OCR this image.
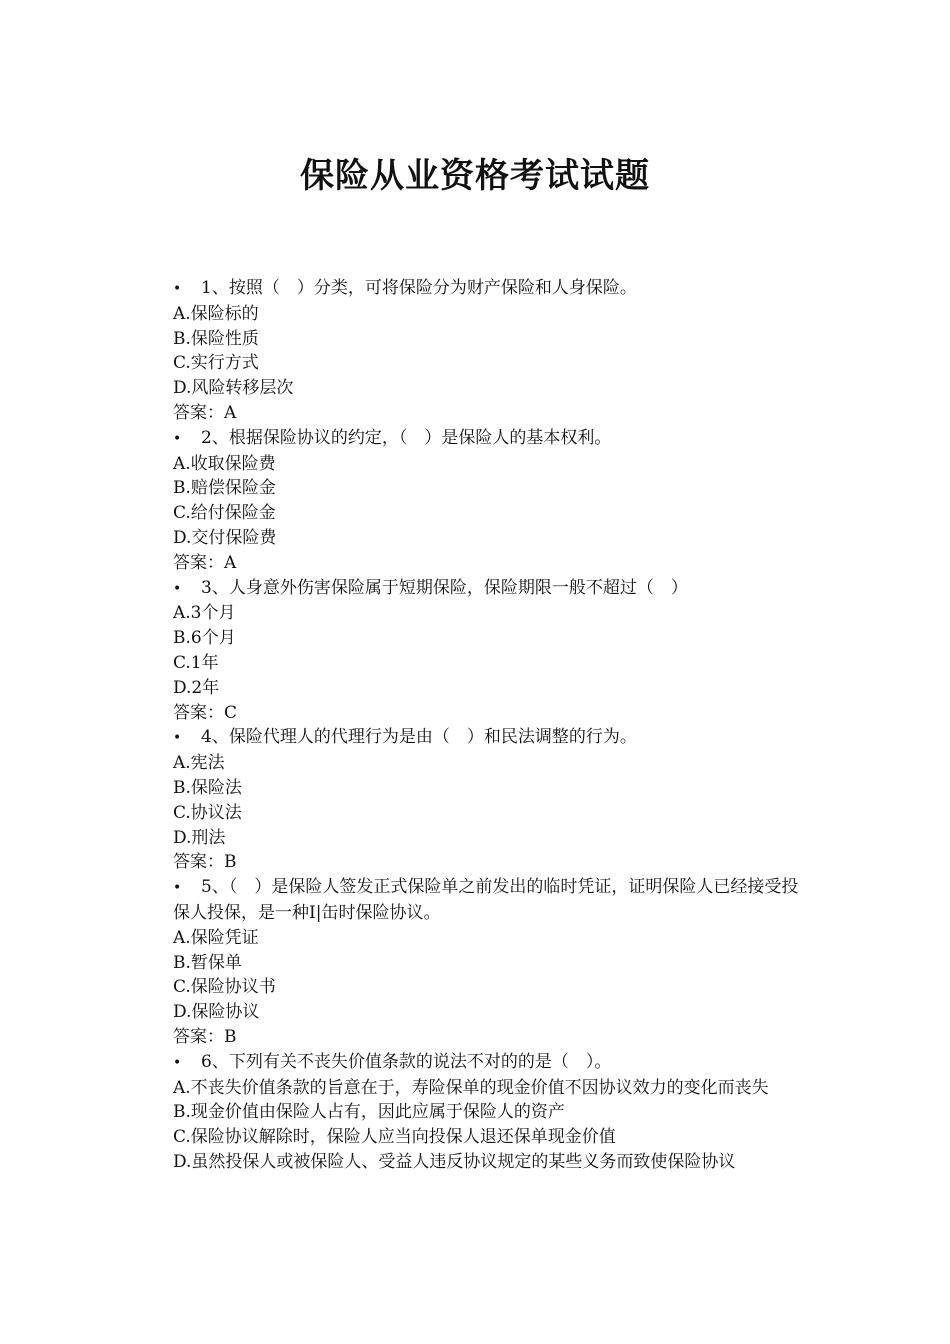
保险从业资格考试试题
• 1、按照（　）分类，可将保险分为财产保险和人身保险。
A.保险标的
B.保险性质
C.实行方式
D.风险转移层次
答案：A
• 2、根据保险协议的约定，（　）是保险人的基本权利。
A.收取保险费
B.赔偿保险金
C.给付保险金
D.交付保险费
答案：A
• 3、人身意外伤害保险属于短期保险，保险期限一般不超过（　）
A.3个月
B.6个月
C.1年
D.2年
答案：C
• 4、保险代理人的代理行为是由（　）和民法调整的行为。
A.宪法
B.保险法
C.协议法
D.刑法
答案：B
• 5、（　）是保险人签发正式保险单之前发出的临时凭证，证明保险人已经接受投保人投保，是一种I|缶时保险协议。
A.保险凭证
B.暂保单
C.保险协议书
D.保险协议
答案：B
• 6、下列有关不丧失价值条款的说法不对的的是（　）。
A.不丧失价值条款的旨意在于，寿险保单的现金价值不因协议效力的变化而丧失
B.现金价值由保险人占有，因此应属于保险人的资产
C.保险协议解除时，保险人应当向投保人退还保单现金价值
D.虽然投保人或被保险人、受益人违反协议规定的某些义务而致使保险协议
